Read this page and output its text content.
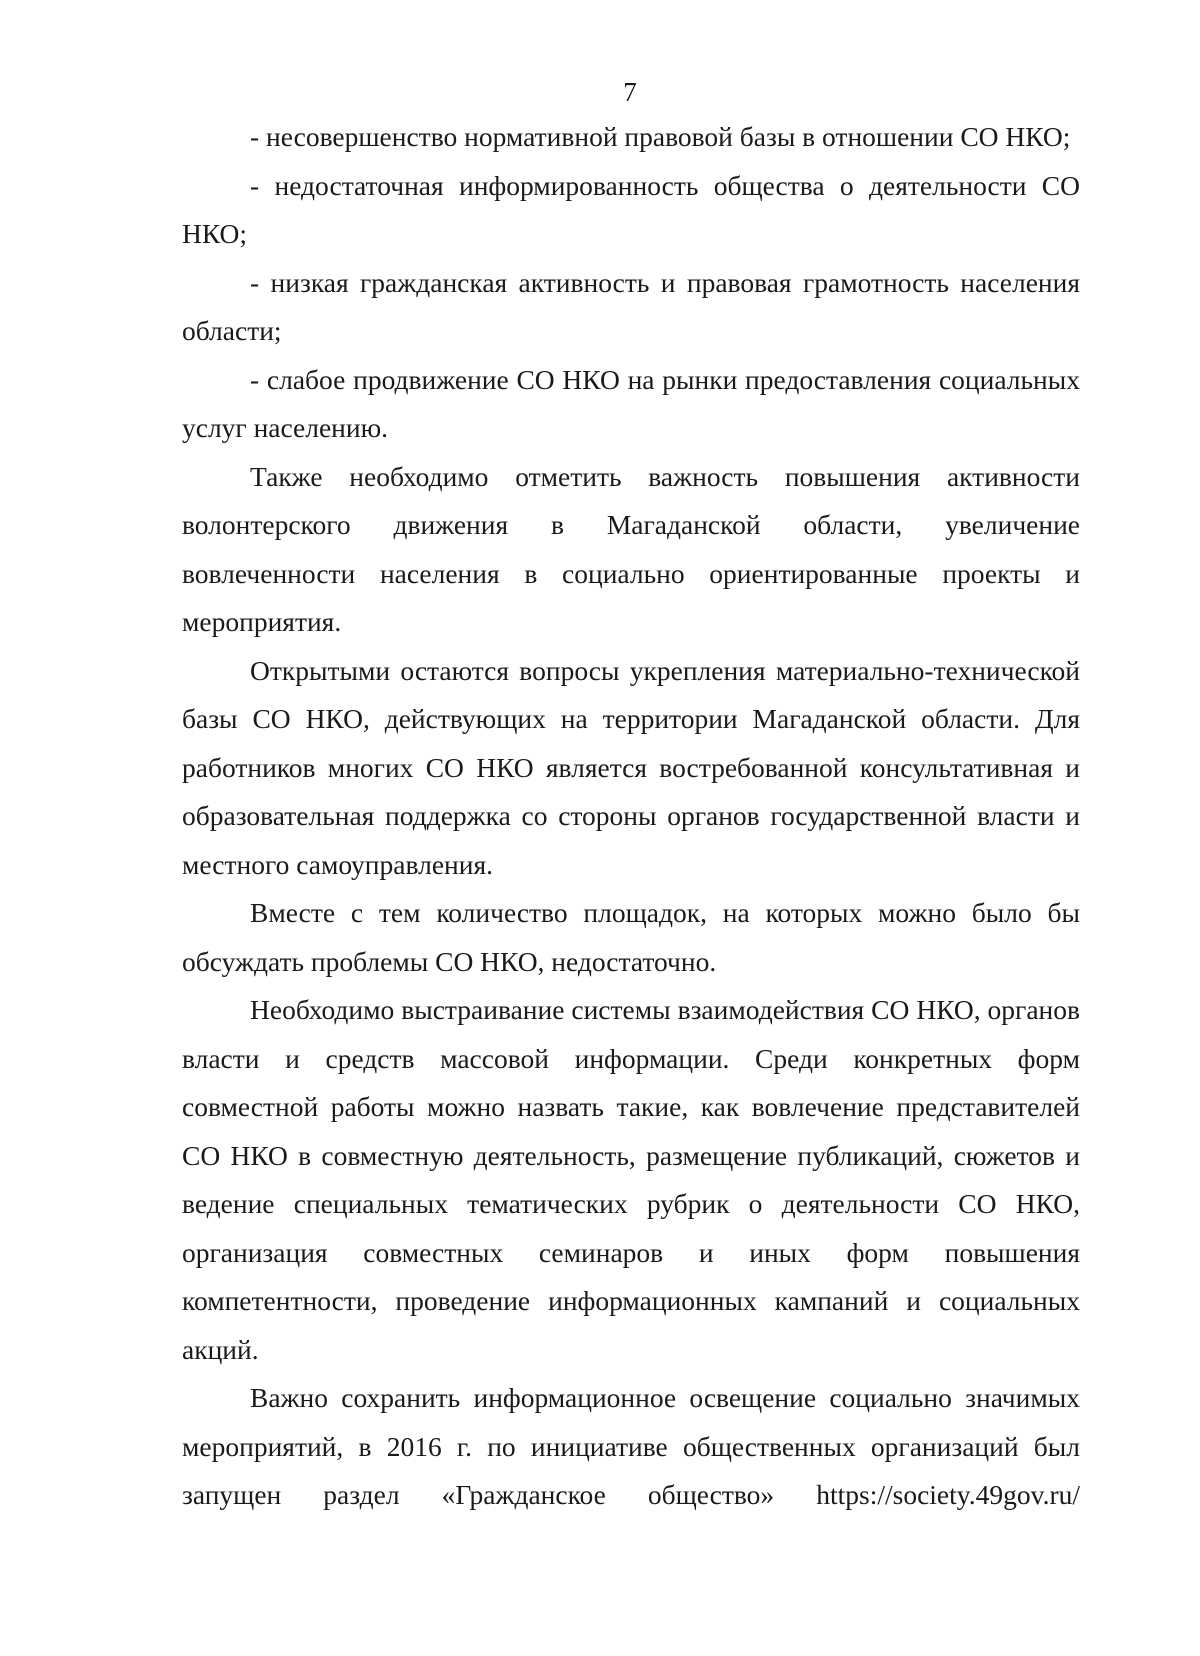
7

- несовершенство нормативной правовой базы в отношении СО НКО;

- недостаточная информированность общества о деятельности СО НКО;

- низкая гражданская активность и правовая грамотность населения области;

- слабое продвижение СО НКО на рынки предоставления социальных услуг населению.

Также необходимо отметить важность повышения активности волонтерского движения в Магаданской области, увеличение вовлеченности населения в социально ориентированные проекты и мероприятия.

Открытыми остаются вопросы укрепления материально-технической базы СО НКО, действующих на территории Магаданской области. Для работников многих СО НКО является востребованной консультативная и образовательная поддержка со стороны органов государственной власти и местного самоуправления.

Вместе с тем количество площадок, на которых можно было бы обсуждать проблемы СО НКО, недостаточно.

Необходимо выстраивание системы взаимодействия СО НКО, органов власти и средств массовой информации. Среди конкретных форм совместной работы можно назвать такие, как вовлечение представителей СО НКО в совместную деятельность, размещение публикаций, сюжетов и ведение специальных тематических рубрик о деятельности СО НКО, организация совместных семинаров и иных форм повышения компетентности, проведение информационных кампаний и социальных акций.

Важно сохранить информационное освещение социально значимых мероприятий, в 2016 г. по инициативе общественных организаций был запущен раздел «Гражданское общество» https://society.49gov.ru/
